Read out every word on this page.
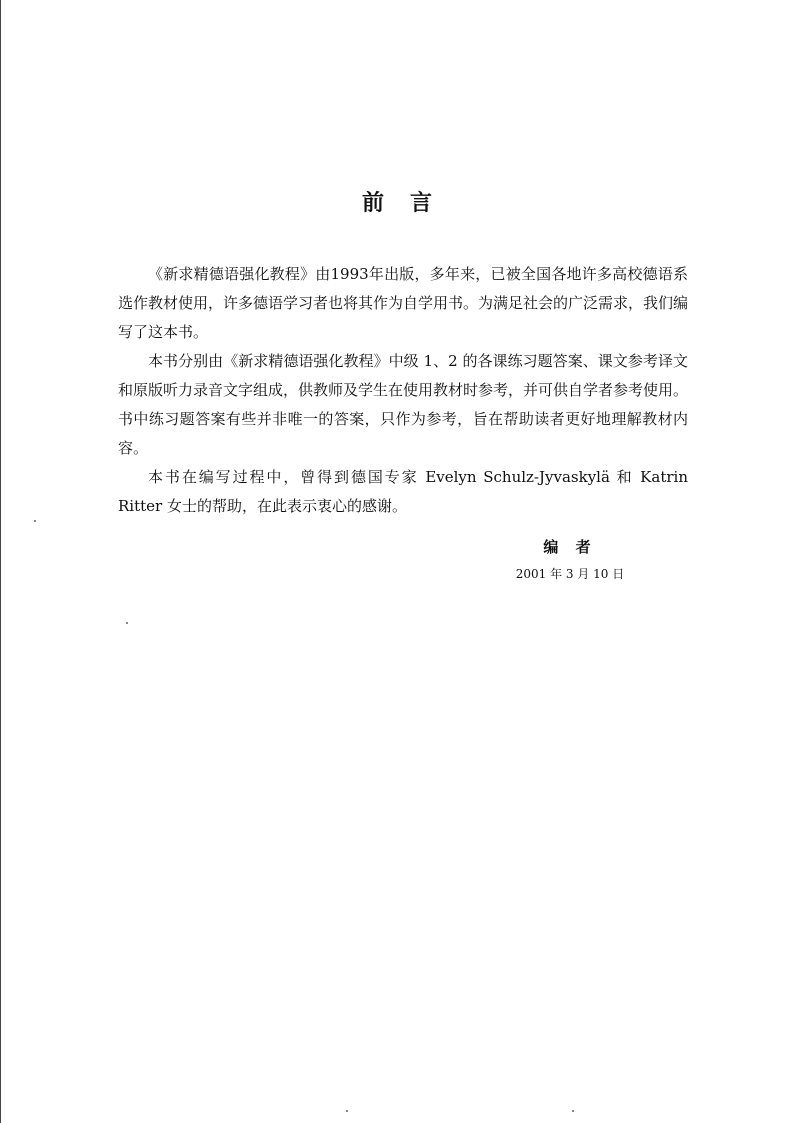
前言

《新求精德语强化教程》由1993年出版，多年来，已被全国各地许多高校德语系选作教材使用，许多德语学习者也将其作为自学用书。为满足社会的广泛需求，我们编写了这本书。

本书分别由《新求精德语强化教程》中级 1、2 的各课练习题答案、课文参考译文和原版听力录音文字组成，供教师及学生在使用教材时参考，并可供自学者参考使用。书中练习题答案有些并非唯一的答案，只作为参考，旨在帮助读者更好地理解教材内容。

本书在编写过程中，曾得到德国专家 Evelyn Schulz-Jyvaskylä 和 Katrin Ritter 女士的帮助，在此表示衷心的感谢。

编 者

2001 年 3 月 10 日
